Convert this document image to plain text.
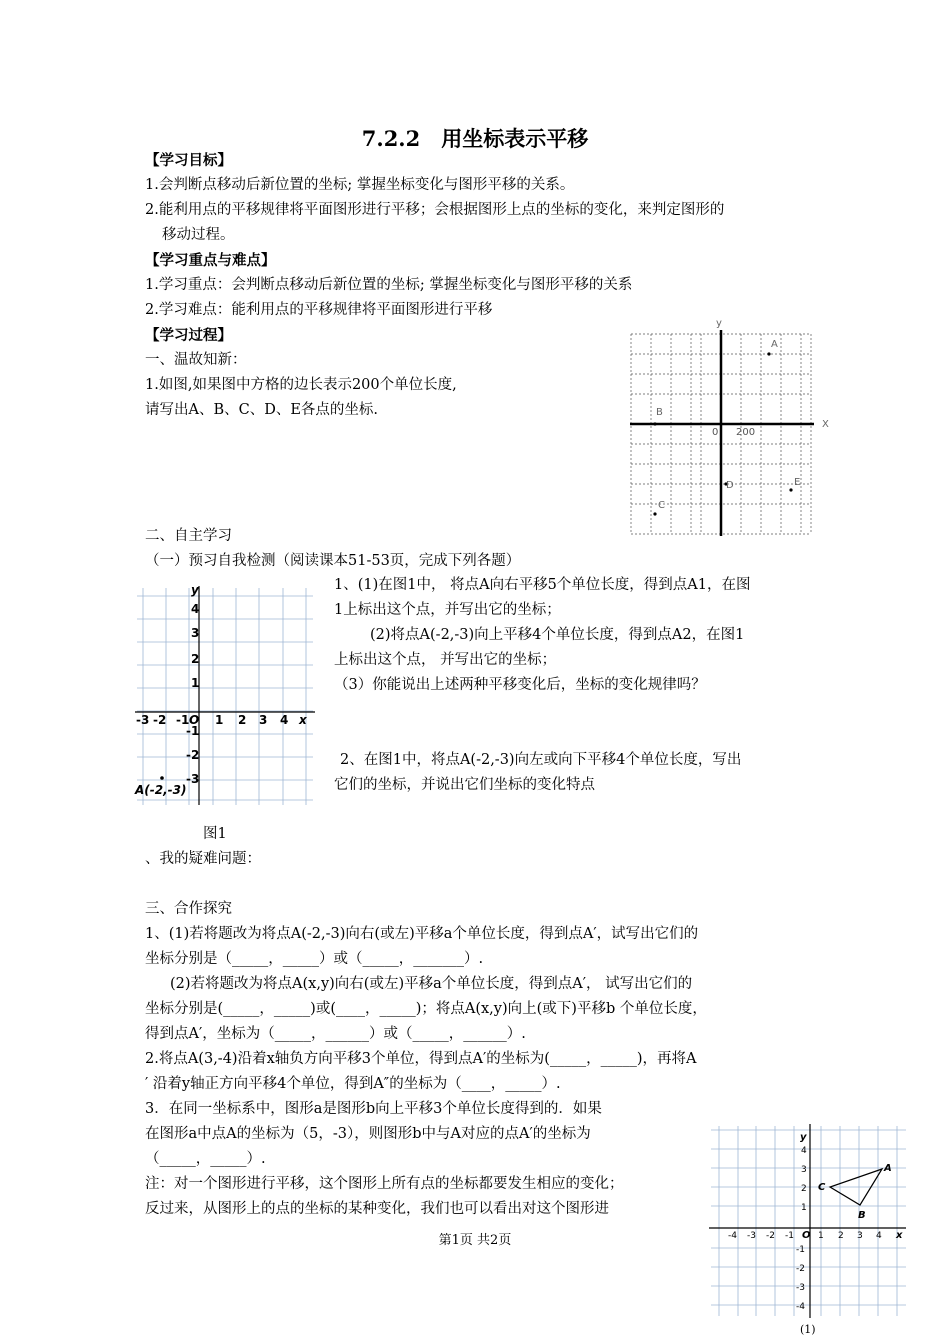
7.2.2　用坐标表示平移
【学习目标】
1.会判断点移动后新位置的坐标; 掌握坐标变化与图形平移的关系。
2.能利用点的平移规律将平面图形进行平移；会根据图形上点的坐标的变化，来判定图形的
移动过程。
【学习重点与难点】
1.学习重点：会判断点移动后新位置的坐标; 掌握坐标变化与图形平移的关系
2.学习难点：能利用点的平移规律将平面图形进行平移
【学习过程】
一、温故知新：
1.如图,如果图中方格的边长表示200个单位长度,
请写出A、B、C、D、E各点的坐标.
y
X
0 200
A
B
C
D	E
二、自主学习
（一）预习自我检测（阅读课本51-53页，完成下列各题）
y
x
O
-3 -2 -1 1 2 3 4
4
3
2
1
-1
-2
-3
A(-2,-3)
1、(1)在图1中， 将点A向右平移5个单位长度，得到点A1，在图
1上标出这个点，并写出它的坐标；
(2)将点A(-2,-3)向上平移4个单位长度，得到点A2，在图1
上标出这个点， 并写出它的坐标；
（3）你能说出上述两种平移变化后，坐标的变化规律吗？
2、在图1中，将点A(-2,-3)向左或向下平移4个单位长度，写出
它们的坐标，并说出它们坐标的变化特点
图1
、我的疑难问题：
三、合作探究
1、(1)若将题改为将点A(-2,-3)向右(或左)平移a个单位长度，得到点A′，试写出它们的
坐标分别是（_____，_____）或（_____，_______）.
(2)若将题改为将点A(x,y)向右(或左)平移a个单位长度，得到点A′， 试写出它们的
坐标分别是(_____，_____)或(____，_____)；将点A(x,y)向上(或下)平移b 个单位长度，
得到点A′，坐标为（_____，______）或（_____，______）.
2.将点A(3,-4)沿着x轴负方向平移3个单位，得到点A′的坐标为(_____，_____)，再将A
′ 沿着y轴正方向平移4个单位，得到A″的坐标为（____，_____）.
3．在同一坐标系中，图形a是图形b向上平移3个单位长度得到的．如果
在图形a中点A的坐标为（5，-3），则图形b中与A对应的点A′的坐标为
（_____，_____）.
注：对一个图形进行平移，这个图形上所有点的坐标都要发生相应的变化；
反过来，从图形上的点的坐标的某种变化，我们也可以看出对这个图形进
y
x
O
A
B
C
-4 -3 -2 -1	1 2 3 4
4
3
2
1
-1
-2
-3
-4
第1页 共2页
(1)
